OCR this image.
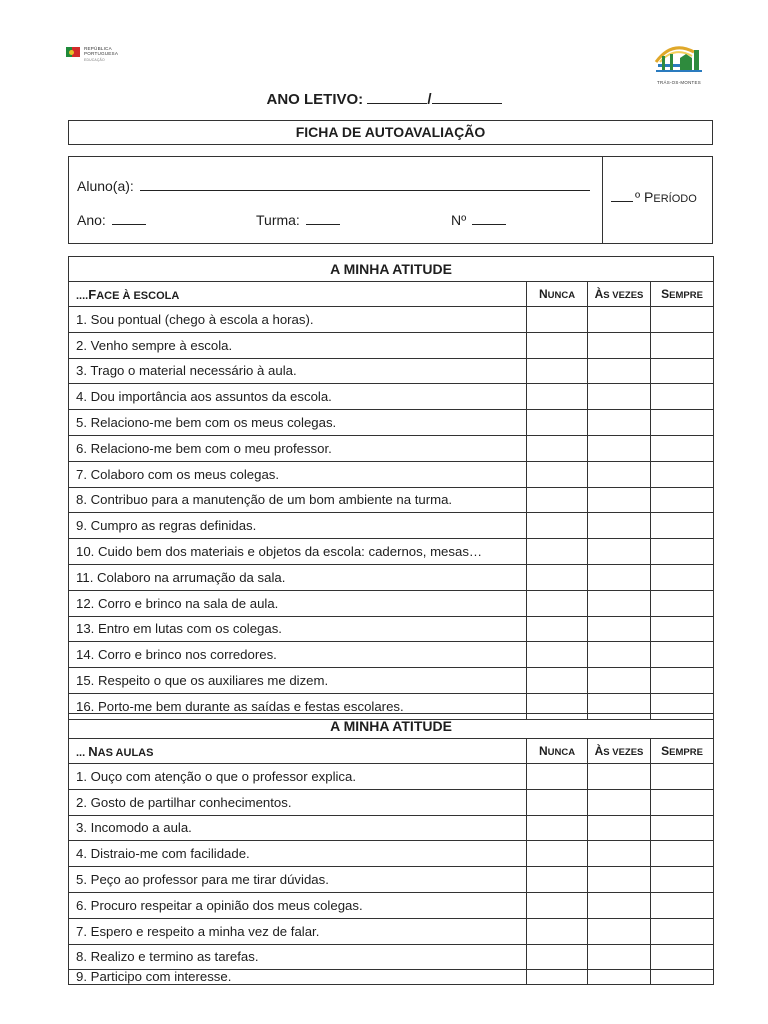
REPÚBLICA
PORTUGUESA
EDUCAÇÃO
TRÁS-OS-MONTES
ANO LETIVO:	/
FICHA DE AUTOAVALIAÇÃO
Aluno(a):
Ano:	Turma:	Nº
º PERÍODO
A MINHA ATITUDE			
....FACE À ESCOLA	NUNCA	ÀS VEZES	SEMPRE
1. Sou pontual (chego à escola a horas).			
2. Venho sempre à escola.			
3. Trago o material necessário à aula.			
4. Dou importância aos assuntos da escola.			
5. Relaciono-me bem com os meus colegas.			
6. Relaciono-me bem com o meu professor.			
7. Colaboro com os meus colegas.			
8. Contribuo para a manutenção de um bom ambiente na turma.			
9. Cumpro as regras definidas.			
10. Cuido bem dos materiais e objetos da escola: cadernos, mesas…			
11. Colaboro na arrumação da sala.			
12. Corro e brinco na sala de aula.			
13. Entro em lutas com os colegas.			
14. Corro e brinco nos corredores.			
15. Respeito o que os auxiliares me dizem.			
16. Porto-me bem durante as saídas e festas escolares.			
A MINHA ATITUDE			
... NAS AULAS	NUNCA	ÀS VEZES	SEMPRE
1. Ouço com atenção o que o professor explica.			
2. Gosto de partilhar conhecimentos.			
3. Incomodo a aula.			
4. Distraio-me com facilidade.			
5. Peço ao professor para me tirar dúvidas.			
6. Procuro respeitar a opinião dos meus colegas.			
7. Espero e respeito a minha vez de falar.			
8. Realizo e termino as tarefas.			
9. Participo com interesse.			
